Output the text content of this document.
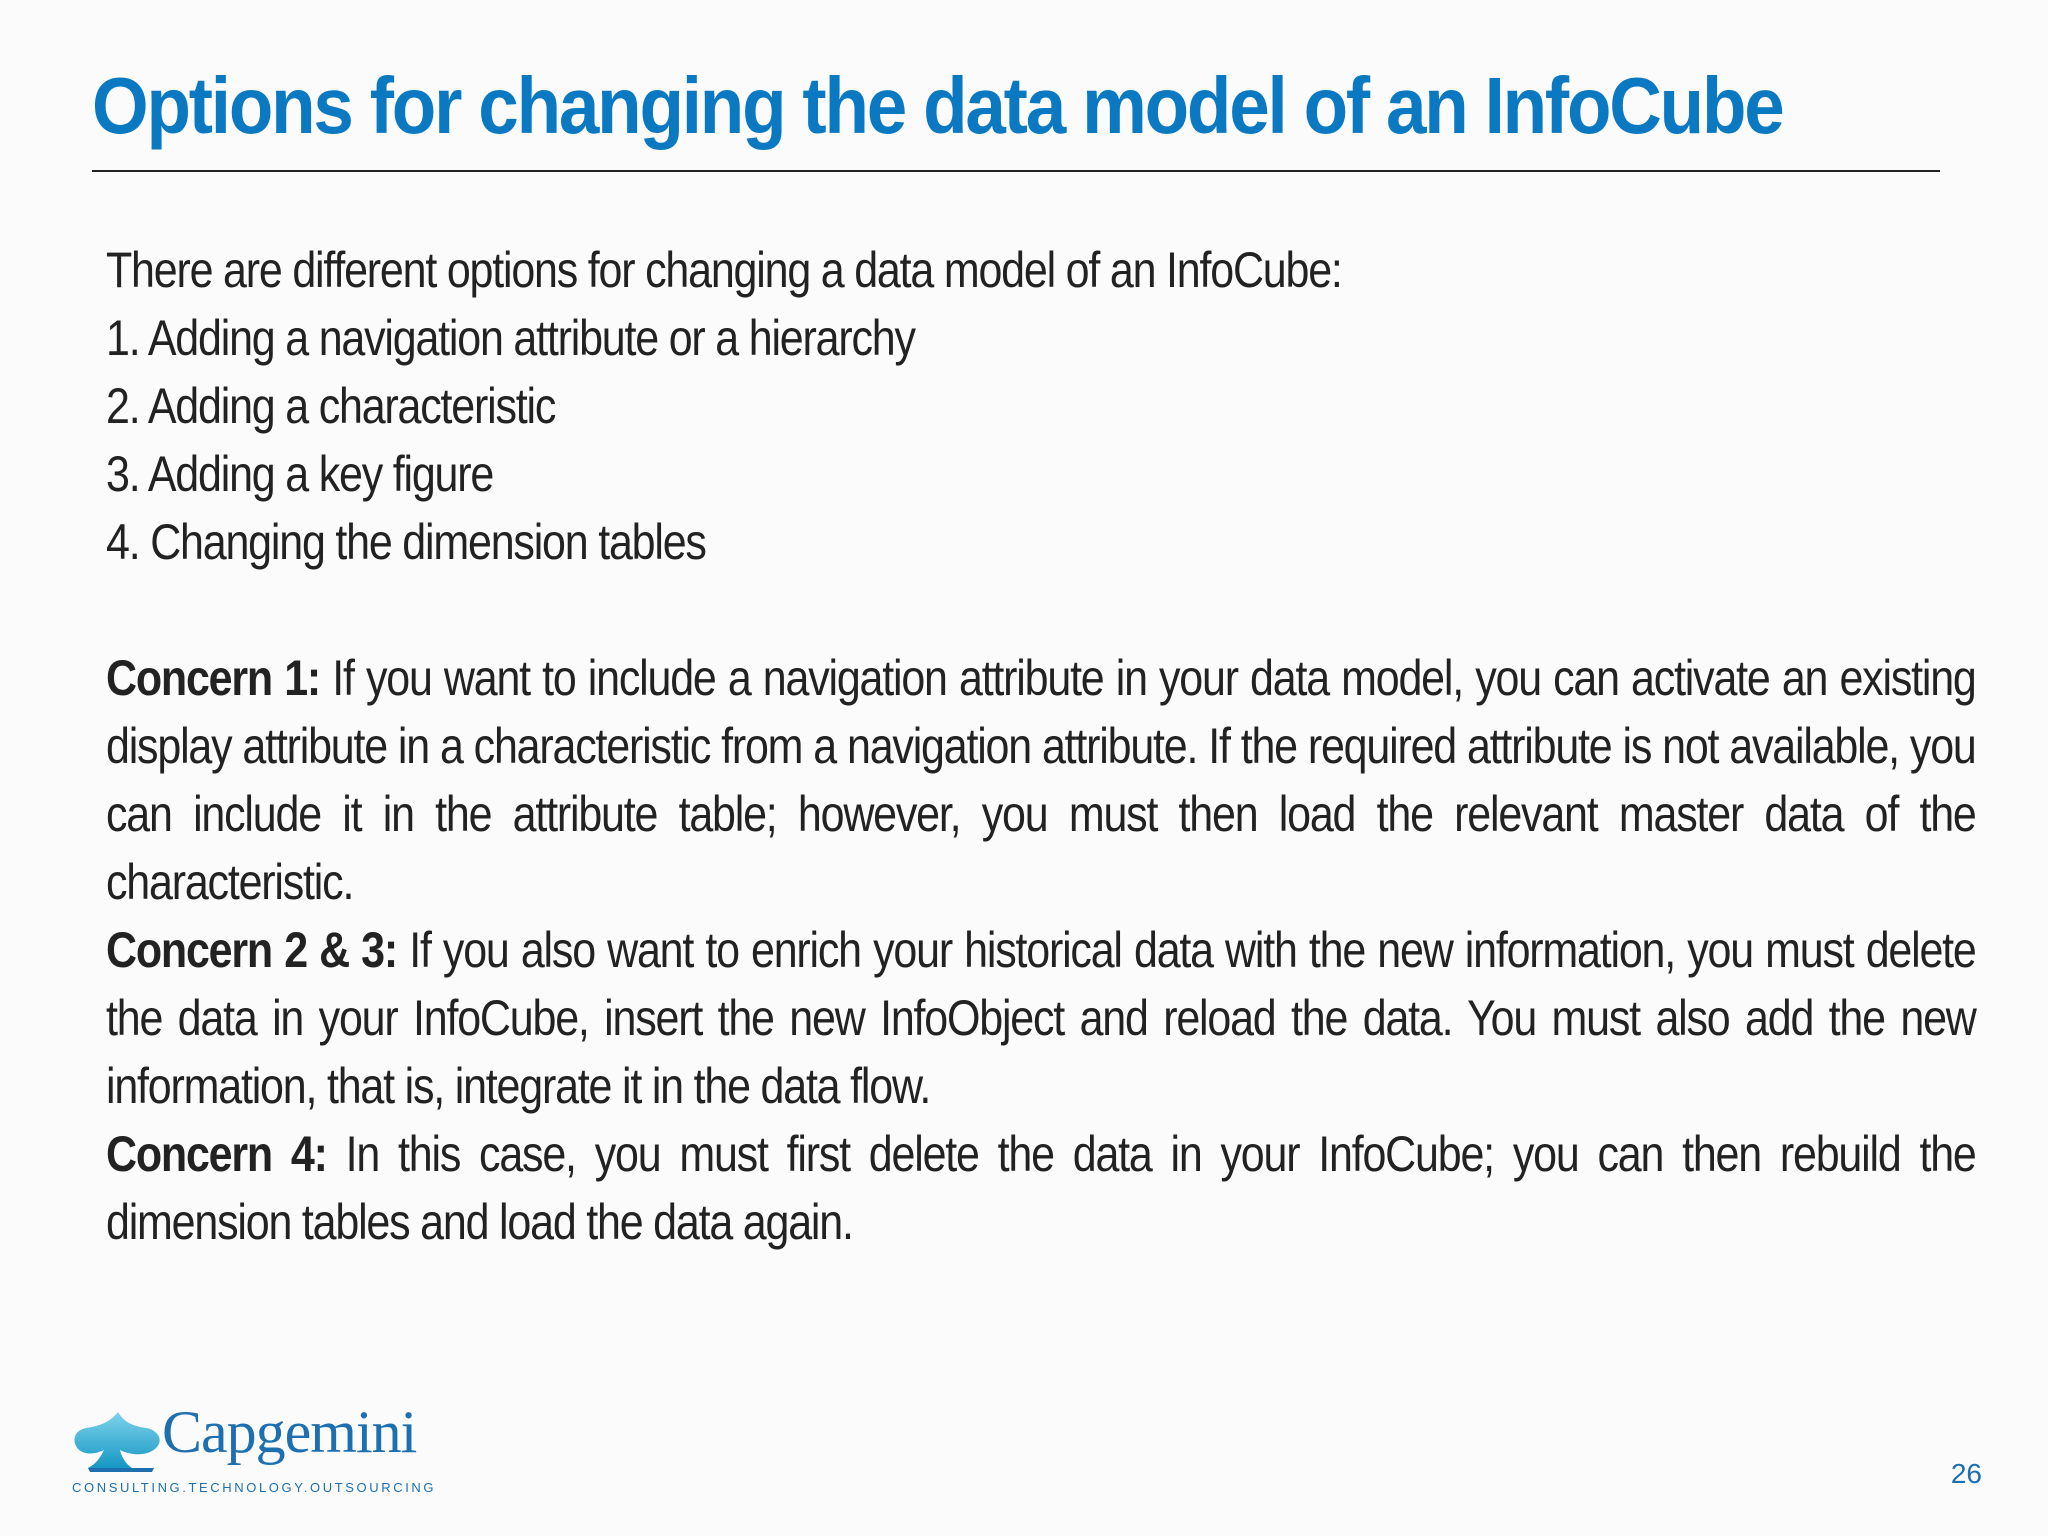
Options for changing the data model of an InfoCube
There are different options for changing a data model of an InfoCube:
1. Adding a navigation attribute or a hierarchy
2. Adding a characteristic
3. Adding a key figure
4. Changing the dimension tables
Concern 1: If you want to include a navigation attribute in your data model, you can activate an existing display attribute in a characteristic from a navigation attribute. If the required attribute is not available, you can include it in the attribute table; however, you must then load the relevant master data of the characteristic.
Concern 2 & 3: If you also want to enrich your historical data with the new information, you must delete the data in your InfoCube, insert the new InfoObject and reload the data. You must also add the new information, that is, integrate it in the data flow.
Concern 4: In this case, you must first delete the data in your InfoCube; you can then rebuild the dimension tables and load the data again.
Capgemini
CONSULTING.TECHNOLOGY.OUTSOURCING	26
